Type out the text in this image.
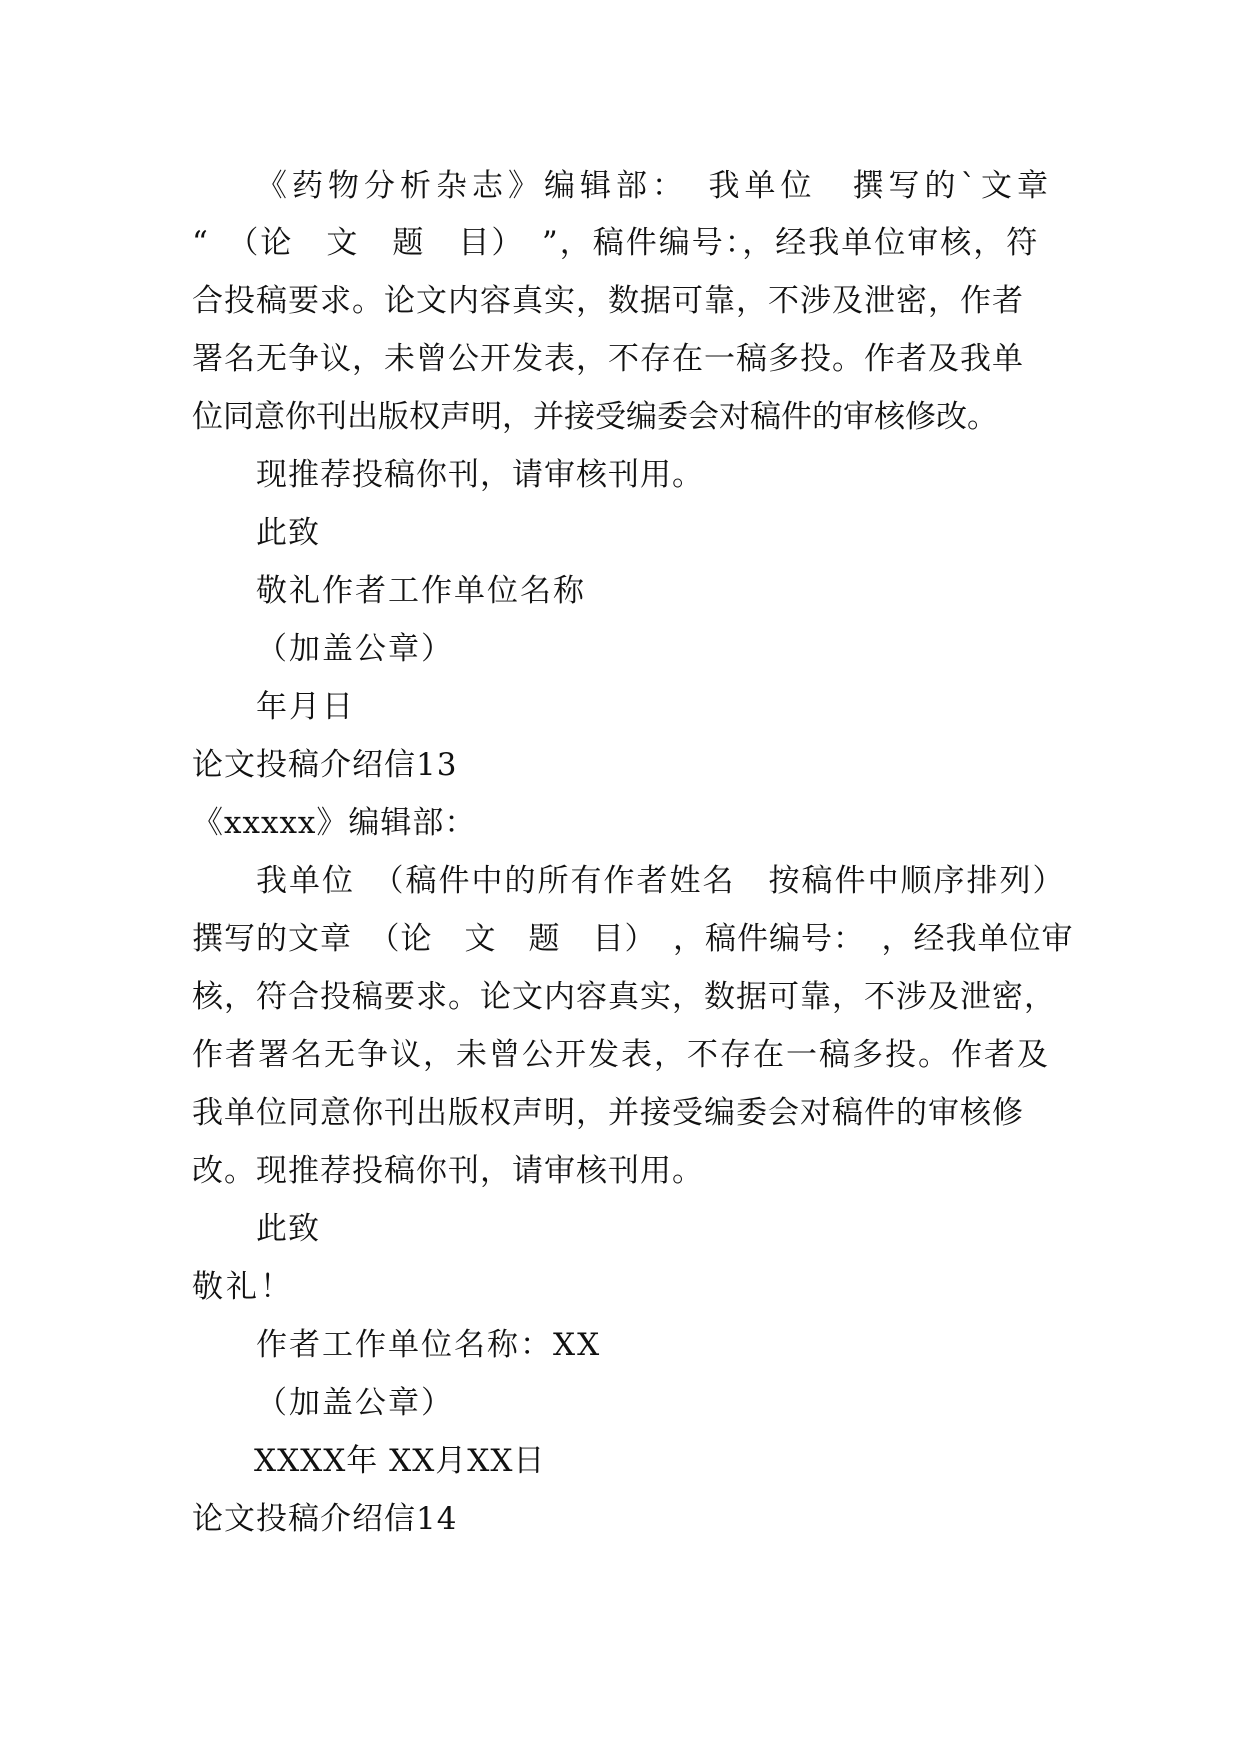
《药物分析杂志》编辑部：　我单位　撰写的`文章
“　（论　文　题　目）　”，稿件编号：，经我单位审核，符
合投稿要求。论文内容真实，数据可靠，不涉及泄密，作者
署名无争议，未曾公开发表，不存在一稿多投。作者及我单
位同意你刊出版权声明，并接受编委会对稿件的审核修改。
现推荐投稿你刊，请审核刊用。
此致
敬礼作者工作单位名称
（加盖公章）
年月日
论文投稿介绍信13
《xxxxx》编辑部：
我单位　（稿件中的所有作者姓名　按稿件中顺序排列）
撰写的文章　（论　文　题　目）　，稿件编号：　，经我单位审
核，符合投稿要求。论文内容真实，数据可靠，不涉及泄密，
作者署名无争议，未曾公开发表，不存在一稿多投。作者及
我单位同意你刊出版权声明，并接受编委会对稿件的审核修
改。现推荐投稿你刊，请审核刊用。
此致
敬礼！
作者工作单位名称：XX
（加盖公章）
XXXX年 XX月XX日
论文投稿介绍信14
